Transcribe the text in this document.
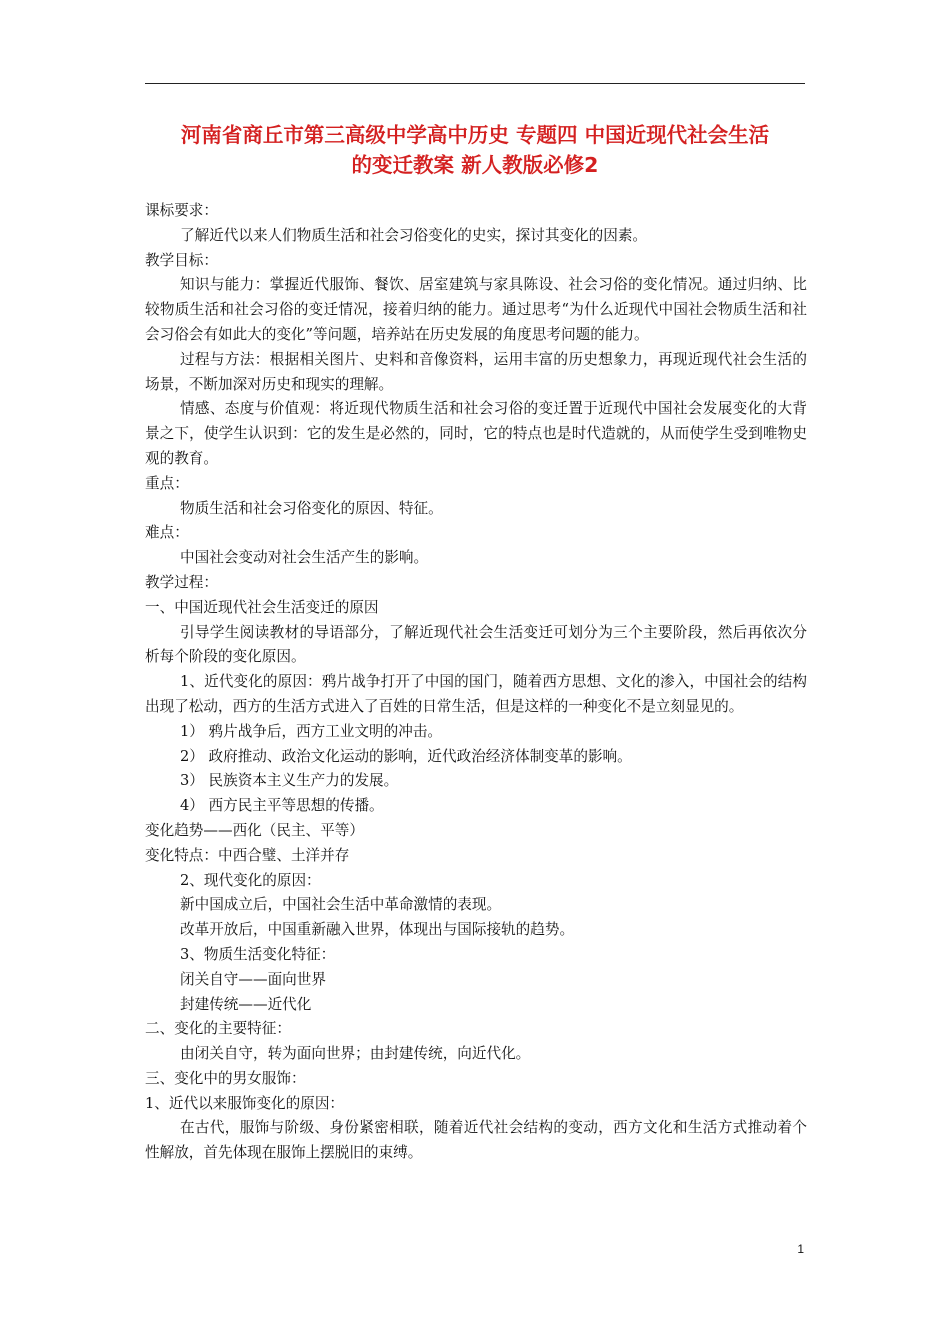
河南省商丘市第三高级中学高中历史 专题四 中国近现代社会生活
的变迁教案 新人教版必修2

课标要求：

了解近代以来人们物质生活和社会习俗变化的史实，探讨其变化的因素。

教学目标：

知识与能力：掌握近代服饰、餐饮、居室建筑与家具陈设、社会习俗的变化情况。通过归纳、比较物质生活和社会习俗的变迁情况，接着归纳的能力。通过思考“为什么近现代中国社会物质生活和社会习俗会有如此大的变化”等问题，培养站在历史发展的角度思考问题的能力。

过程与方法：根据相关图片、史料和音像资料，运用丰富的历史想象力，再现近现代社会生活的场景，不断加深对历史和现实的理解。

情感、态度与价值观：将近现代物质生活和社会习俗的变迁置于近现代中国社会发展变化的大背景之下，使学生认识到：它的发生是必然的，同时，它的特点也是时代造就的，从而使学生受到唯物史观的教育。

重点：

物质生活和社会习俗变化的原因、特征。

难点：

中国社会变动对社会生活产生的影响。

教学过程：

一、中国近现代社会生活变迁的原因

引导学生阅读教材的导语部分，了解近现代社会生活变迁可划分为三个主要阶段，然后再依次分析每个阶段的变化原因。

1、近代变化的原因：鸦片战争打开了中国的国门，随着西方思想、文化的渗入，中国社会的结构出现了松动，西方的生活方式进入了百姓的日常生活，但是这样的一种变化不是立刻显见的。

1） 鸦片战争后，西方工业文明的冲击。

2） 政府推动、政治文化运动的影响，近代政治经济体制变革的影响。

3） 民族资本主义生产力的发展。

4） 西方民主平等思想的传播。

变化趋势——西化（民主、平等）

变化特点：中西合璧、土洋并存

2、现代变化的原因：

新中国成立后，中国社会生活中革命激情的表现。

改革开放后，中国重新融入世界，体现出与国际接轨的趋势。

3、物质生活变化特征：

闭关自守——面向世界

封建传统——近代化

二、变化的主要特征：

由闭关自守，转为面向世界；由封建传统，向近代化。

三、变化中的男女服饰：

1、近代以来服饰变化的原因：

在古代，服饰与阶级、身份紧密相联，随着近代社会结构的变动，西方文化和生活方式推动着个性解放，首先体现在服饰上摆脱旧的束缚。

1
